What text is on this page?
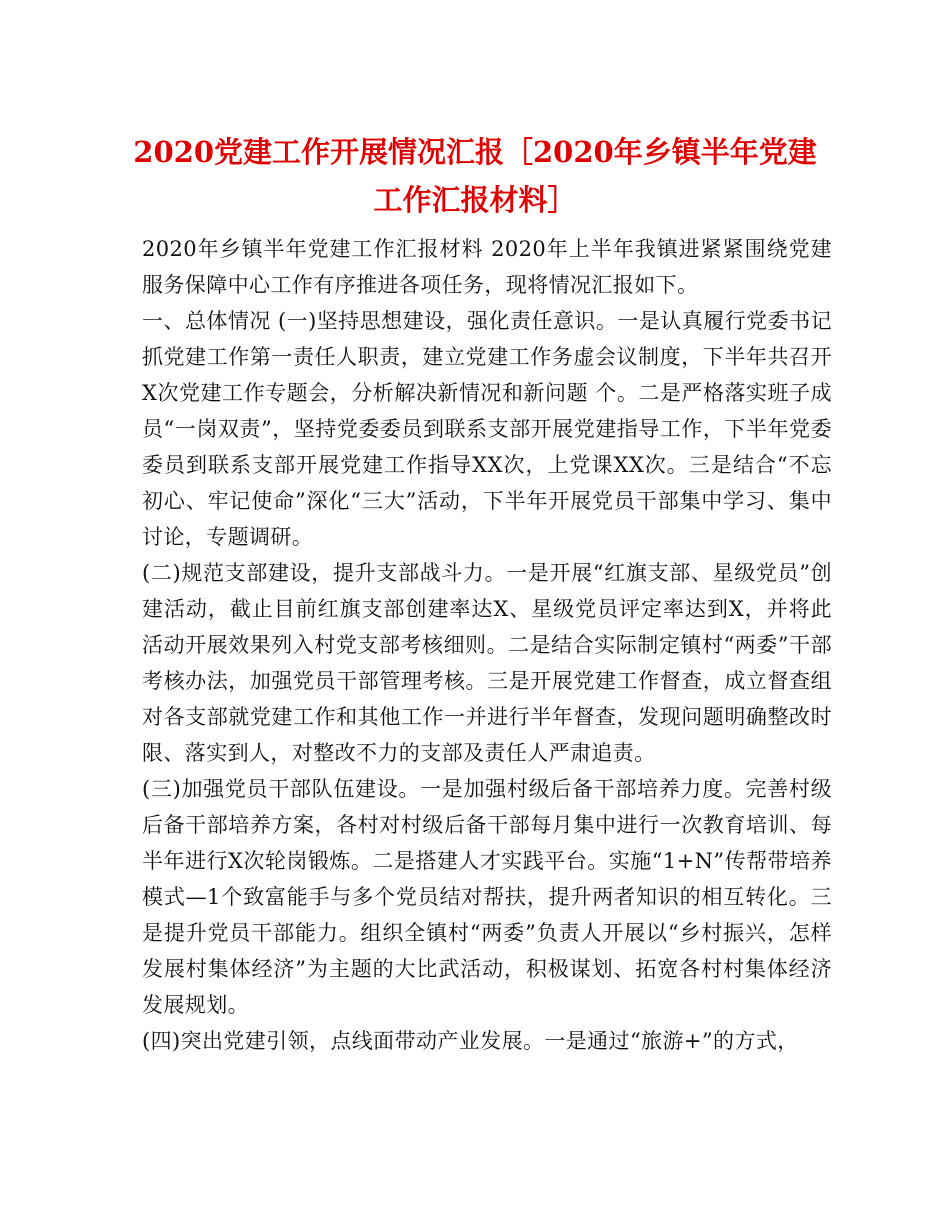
2020党建工作开展情况汇报［2020年乡镇半年党建工作汇报材料］

2020年乡镇半年党建工作汇报材料 2020年上半年我镇进紧紧围绕党建服务保障中心工作有序推进各项任务，现将情况汇报如下。

一、总体情况 (一)坚持思想建设，强化责任意识。一是认真履行党委书记抓党建工作第一责任人职责，建立党建工作务虚会议制度，下半年共召开X次党建工作专题会，分析解决新情况和新问题 个。二是严格落实班子成员“一岗双责”，坚持党委委员到联系支部开展党建指导工作，下半年党委委员到联系支部开展党建工作指导XX次，上党课XX次。三是结合“不忘初心、牢记使命”深化“三大”活动，下半年开展党员干部集中学习、集中讨论，专题调研。

(二)规范支部建设，提升支部战斗力。一是开展“红旗支部、星级党员”创建活动，截止目前红旗支部创建率达X、星级党员评定率达到X，并将此活动开展效果列入村党支部考核细则。二是结合实际制定镇村“两委”干部考核办法，加强党员干部管理考核。三是开展党建工作督查，成立督查组对各支部就党建工作和其他工作一并进行半年督查，发现问题明确整改时限、落实到人，对整改不力的支部及责任人严肃追责。

(三)加强党员干部队伍建设。一是加强村级后备干部培养力度。完善村级后备干部培养方案，各村对村级后备干部每月集中进行一次教育培训、每半年进行X次轮岗锻炼。二是搭建人才实践平台。实施“1+N”传帮带培养模式—1个致富能手与多个党员结对帮扶，提升两者知识的相互转化。三是提升党员干部能力。组织全镇村“两委”负责人开展以“乡村振兴，怎样发展村集体经济”为主题的大比武活动，积极谋划、拓宽各村村集体经济发展规划。

(四)突出党建引领，点线面带动产业发展。一是通过“旅游+”的方式，
